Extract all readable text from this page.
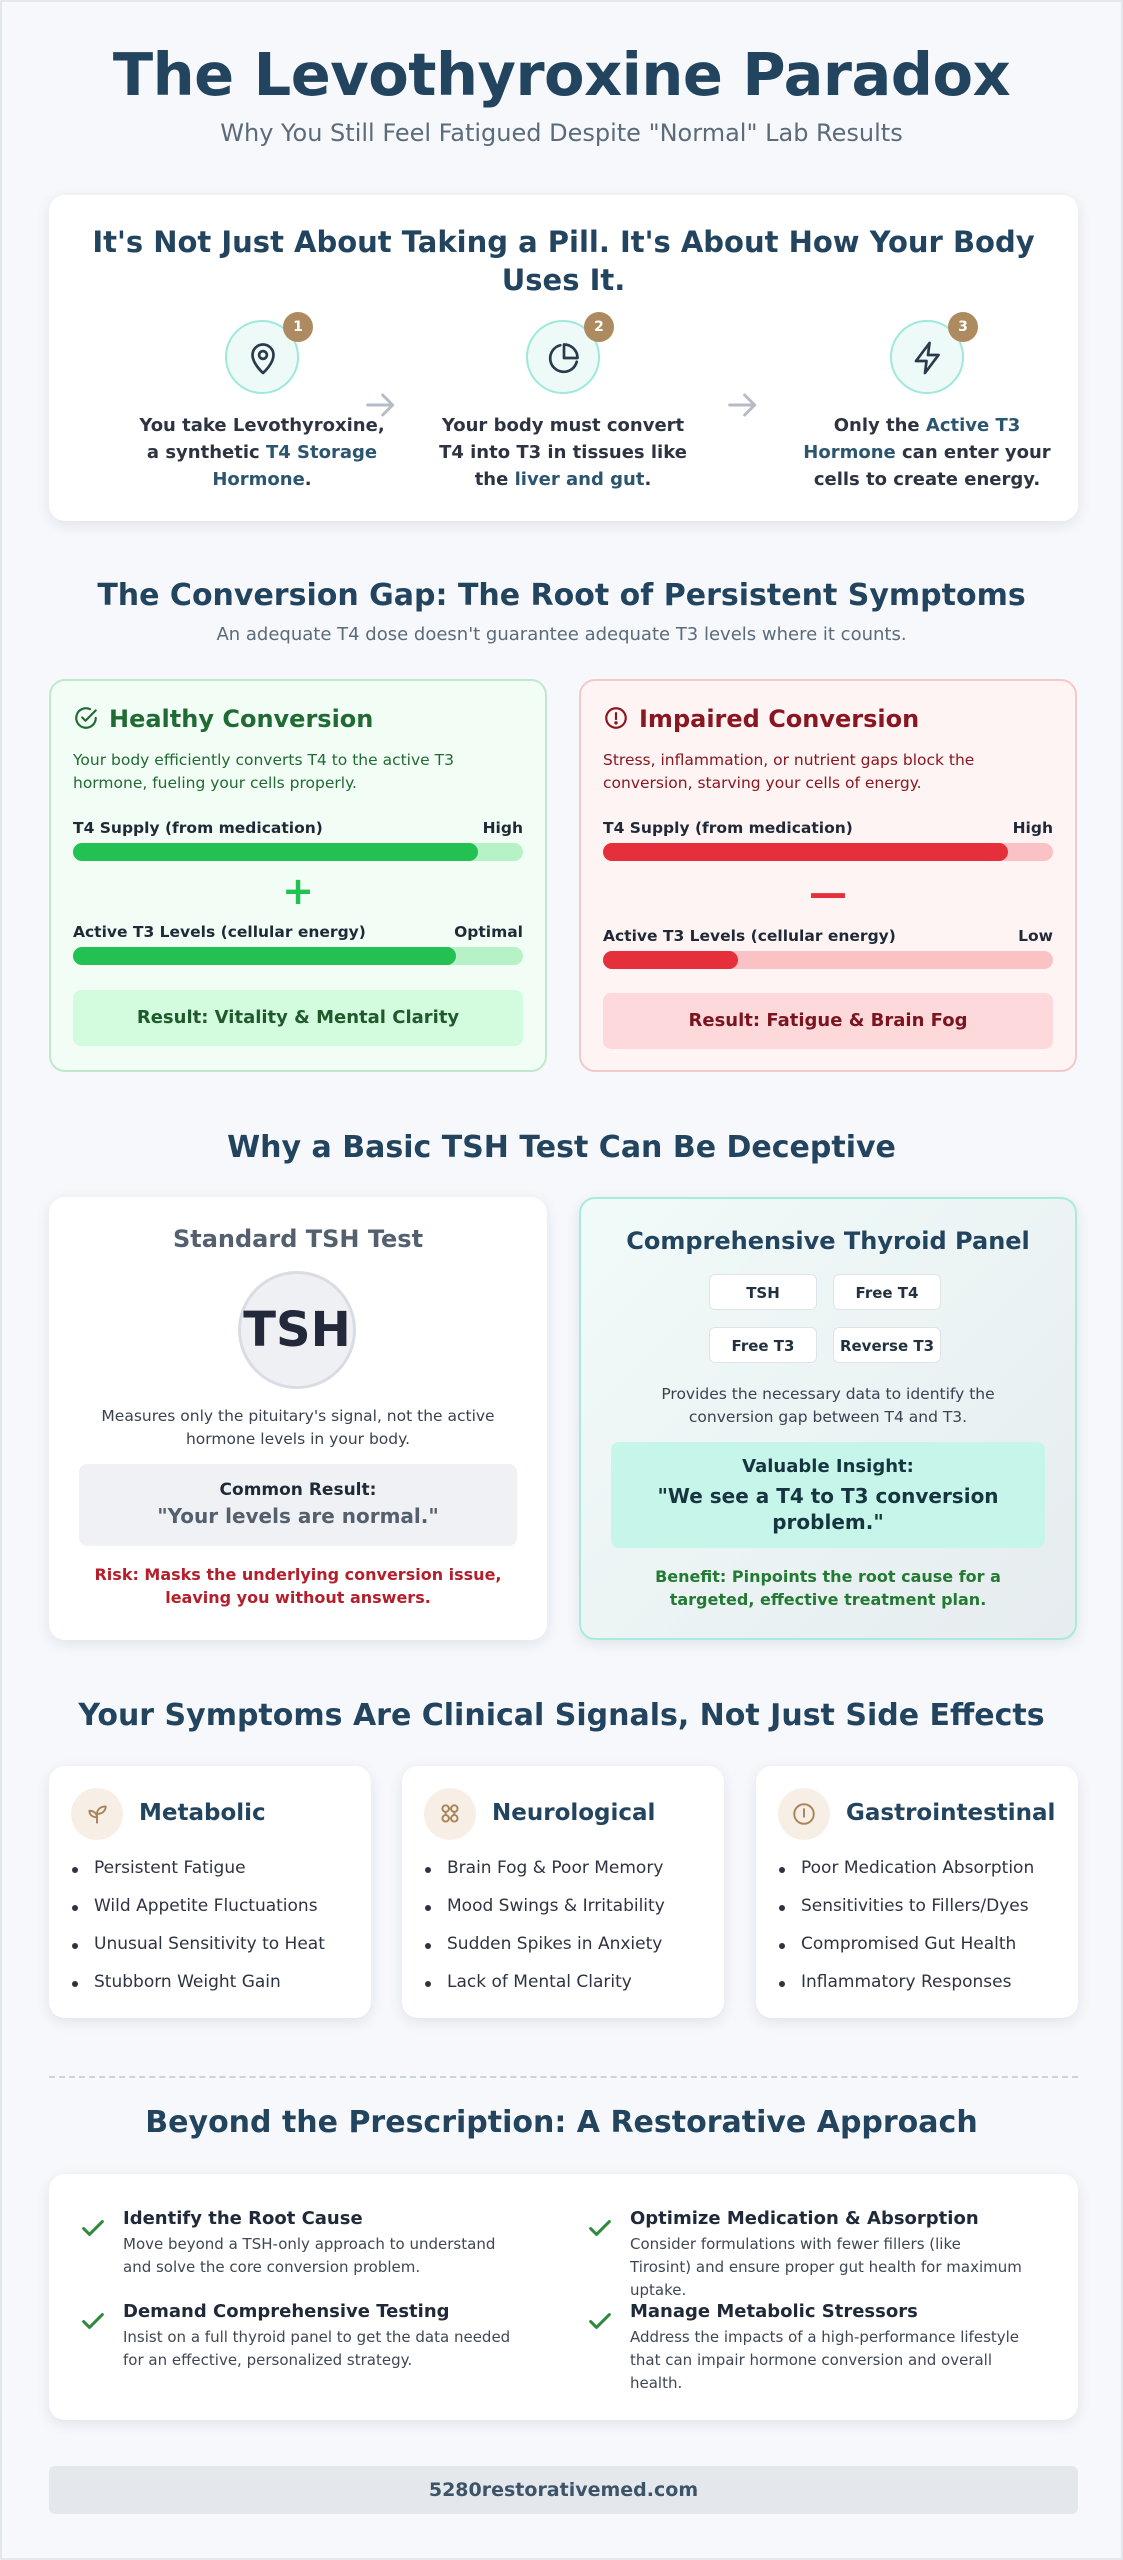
The Levothyroxine Paradox
Why You Still Feel Fatigued Despite "Normal" Lab Results
It's Not Just About Taking a Pill. It's About How Your Body Uses It.
1
You take Levothyroxine, a synthetic T4 Storage Hormone.
2
Your body must convert T4 into T3 in tissues like the liver and gut.
3
Only the Active T3 Hormone can enter your cells to create energy.
The Conversion Gap: The Root of Persistent Symptoms
An adequate T4 dose doesn't guarantee adequate T3 levels where it counts.
Healthy Conversion
Your body efficiently converts T4 to the active T3 hormone, fueling your cells properly.
T4 Supply (from medication)	High
+
Active T3 Levels (cellular energy)	Optimal
Result: Vitality & Mental Clarity
Impaired Conversion
Stress, inflammation, or nutrient gaps block the conversion, starving your cells of energy.
T4 Supply (from medication)	High
—
Active T3 Levels (cellular energy)	Low
Result: Fatigue & Brain Fog
Why a Basic TSH Test Can Be Deceptive
Standard TSH Test
TSH
Measures only the pituitary's signal, not the active hormone levels in your body.
Common Result:
"Your levels are normal."
Risk: Masks the underlying conversion issue, leaving you without answers.
Comprehensive Thyroid Panel
TSH	Free T4
Free T3	Reverse T3
Provides the necessary data to identify the conversion gap between T4 and T3.
Valuable Insight:
"We see a T4 to T3 conversion problem."
Benefit: Pinpoints the root cause for a targeted, effective treatment plan.
Your Symptoms Are Clinical Signals, Not Just Side Effects
Metabolic
Persistent Fatigue
Wild Appetite Fluctuations
Unusual Sensitivity to Heat
Stubborn Weight Gain
Neurological
Brain Fog & Poor Memory
Mood Swings & Irritability
Sudden Spikes in Anxiety
Lack of Mental Clarity
Gastrointestinal
Poor Medication Absorption
Sensitivities to Fillers/Dyes
Compromised Gut Health
Inflammatory Responses
Beyond the Prescription: A Restorative Approach
Identify the Root Cause
Move beyond a TSH-only approach to understand and solve the core conversion problem.
Optimize Medication & Absorption
Consider formulations with fewer fillers (like Tirosint) and ensure proper gut health for maximum uptake.
Demand Comprehensive Testing
Insist on a full thyroid panel to get the data needed for an effective, personalized strategy.
Manage Metabolic Stressors
Address the impacts of a high-performance lifestyle that can impair hormone conversion and overall health.
5280restorativemed.com
